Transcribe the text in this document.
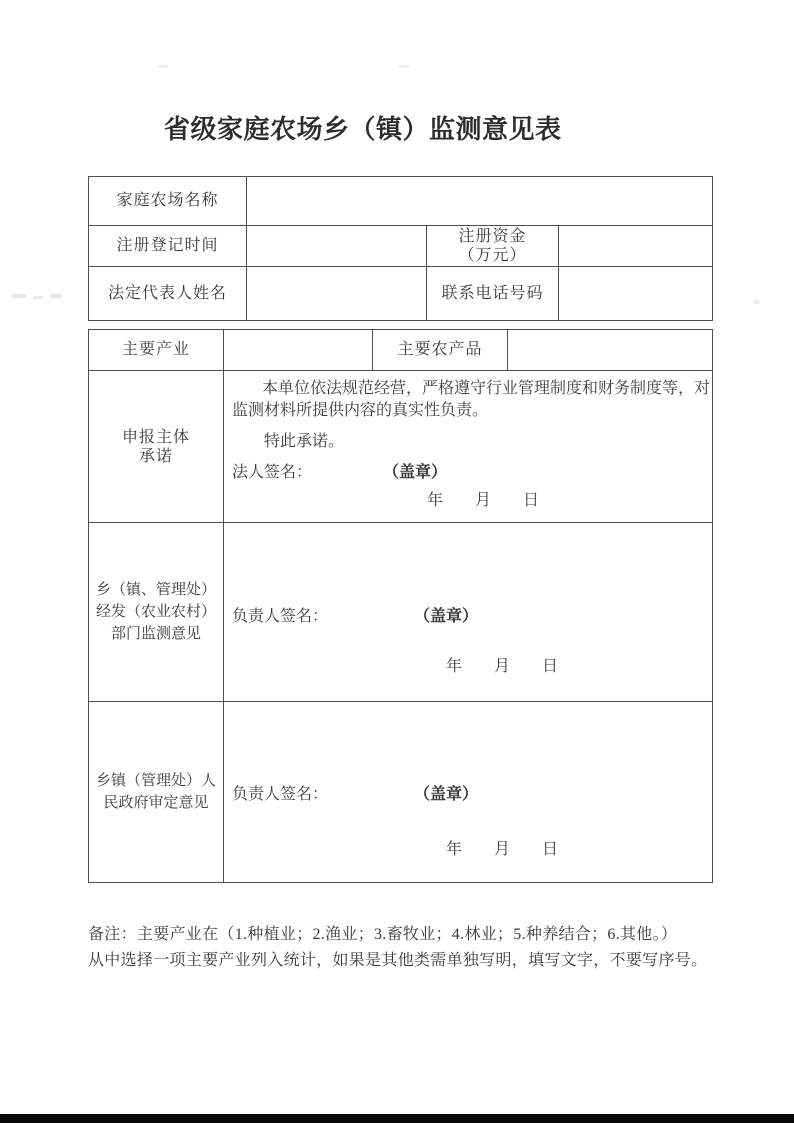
省级家庭农场乡（镇）监测意见表
家庭农场名称			
注册登记时间		注册资金
（万元）	

法定代表人姓名		联系电话号码	
主要产业		主要农产品	

申报主体
承诺

本单位依法规范经营，严格遵守行业管理制度和财务制度等，对监测材料所提供内容的真实性负责。
特此承诺。
法人签名：	（盖章）
年　　月　　日

乡（镇、管理处）
经发（农业农村）
部门监测意见

负责人签名：	（盖章）
年　　月　　日

乡镇（管理处）人
民政府审定意见	负责人签名：	（盖章）
年　　月　　日
备注：主要产业在（1.种植业；2.渔业；3.畜牧业；4.林业；5.种养结合；6.其他。）
从中选择一项主要产业列入统计，如果是其他类需单独写明，填写文字，不要写序号。
